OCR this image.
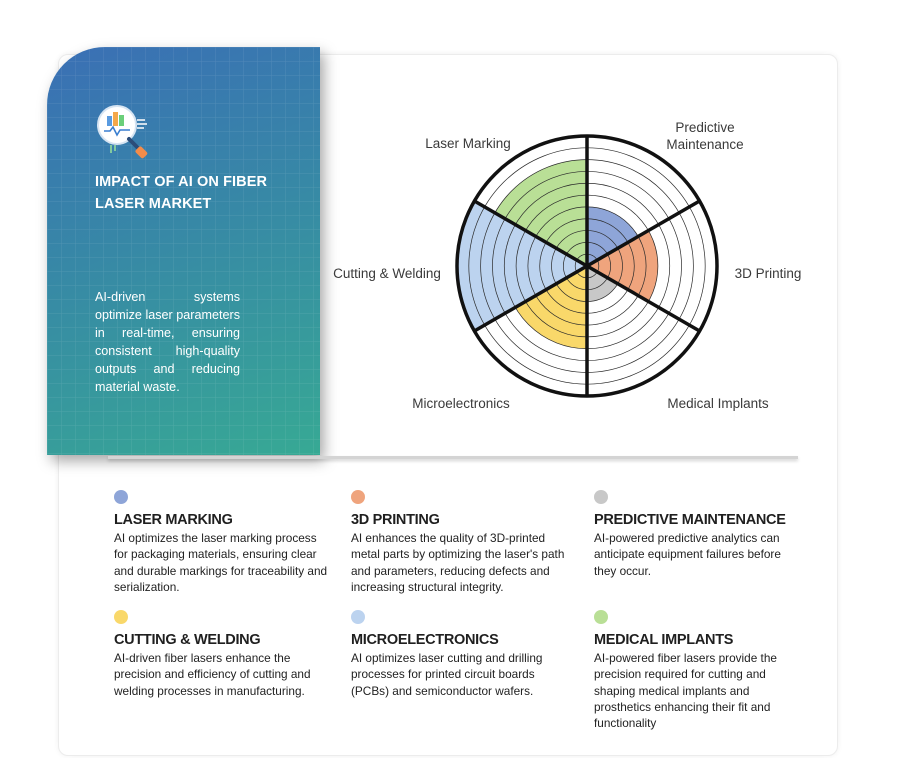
IMPACT OF AI ON FIBER LASER MARKET
AI-driven systems optimize laser parameters in real-time, ensuring consistent high-quality outputs and reducing material waste.
Laser Marking
Predictive Maintenance
3D Printing
Medical Implants
Microelectronics
Cutting & Welding
LASER MARKING
AI optimizes the laser marking process for packaging materials, ensuring clear and durable markings for traceability and serialization.
3D PRINTING
AI enhances the quality of 3D-printed metal parts by optimizing the laser's path and parameters, reducing defects and increasing structural integrity.
PREDICTIVE MAINTENANCE
AI-powered predictive analytics can anticipate equipment failures before they occur.
CUTTING & WELDING
AI-driven fiber lasers enhance the precision and efficiency of cutting and welding processes in manufacturing.
MICROELECTRONICS
AI optimizes laser cutting and drilling processes for printed circuit boards (PCBs) and semiconductor wafers.
MEDICAL IMPLANTS
AI-powered fiber lasers provide the precision required for cutting and shaping medical implants and prosthetics enhancing their fit and functionality
